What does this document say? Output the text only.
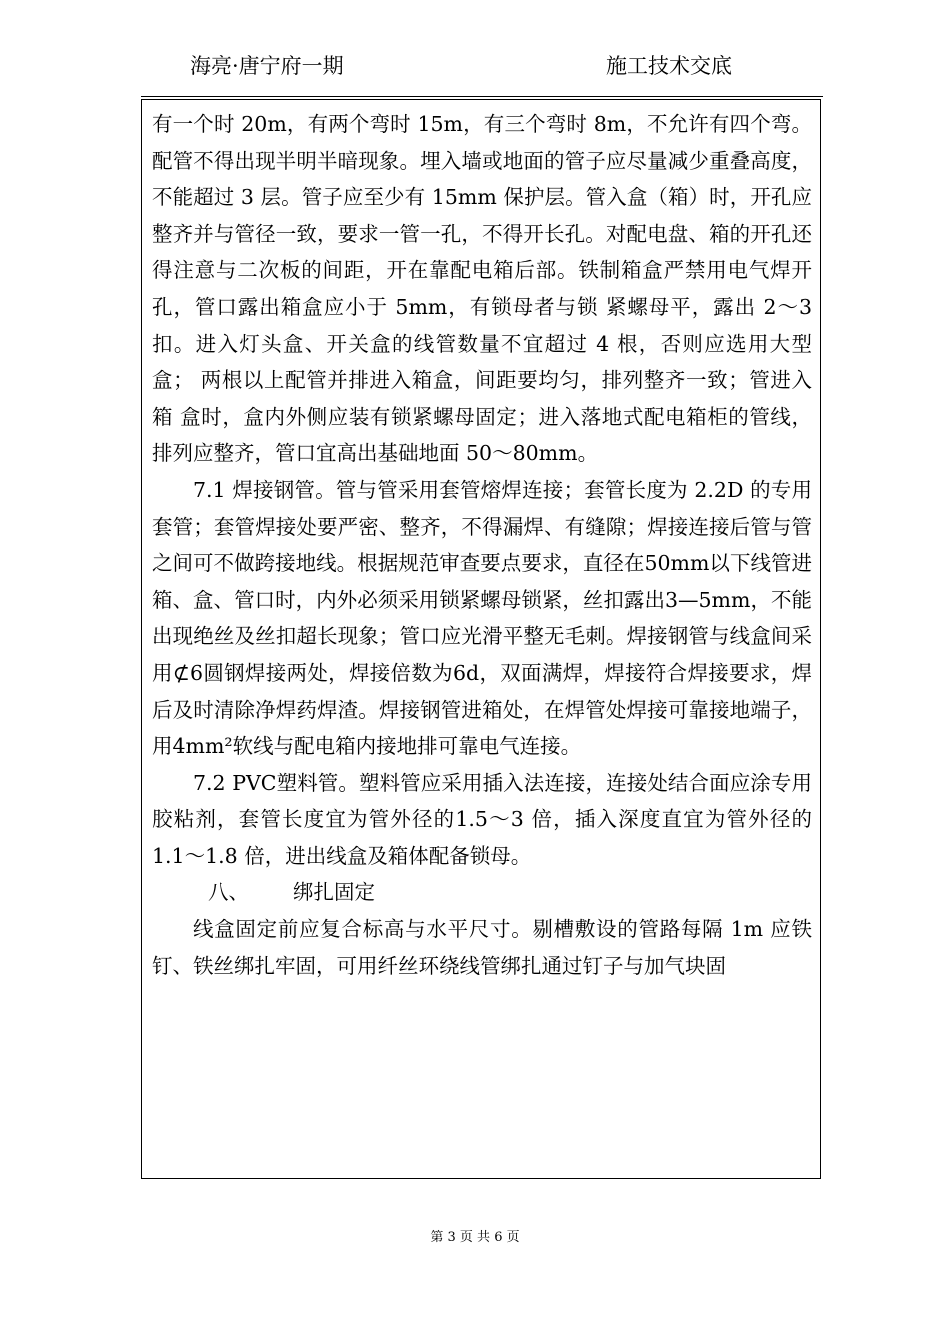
海亮·唐宁府一期	施工技术交底

有一个时 20m，有两个弯时 15m，有三个弯时 8m，不允许有四个弯。配管不得出现半明半暗现象。埋入墙或地面的管子应尽量减少重叠高度，不能超过 3 层。管子应至少有 15mm 保护层。管入盒（箱）时，开孔应整齐并与管径一致，要求一管一孔，不得开长孔。对配电盘、箱的开孔还得注意与二次板的间距，开在靠配电箱后部。铁制箱盒严禁用电气焊开孔，管口露出箱盒应小于 5mm，有锁母者与锁 紧螺母平，露出 2～3 扣。进入灯头盒、开关盒的线管数量不宜超过 4 根，否则应选用大型盒； 两根以上配管并排进入箱盒，间距要均匀，排列整齐一致；管进入箱 盒时，盒内外侧应装有锁紧螺母固定；进入落地式配电箱柜的管线，排列应整齐，管口宜高出基础地面 50～80mm。

7.1 焊接钢管。管与管采用套管熔焊连接；套管长度为 2.2D 的专用套管；套管焊接处要严密、整齐，不得漏焊、有缝隙；焊接连接后管与管之间可不做跨接地线。根据规范审查要点要求，直径在50mm以下线管进箱、盒、管口时，内外必须采用锁紧螺母锁紧，丝扣露出3—5mm，不能出现绝丝及丝扣超长现象；管口应光滑平整无毛刺。焊接钢管与线盒间采用⊄6圆钢焊接两处，焊接倍数为6d，双面满焊，焊接符合焊接要求，焊后及时清除净焊药焊渣。焊接钢管进箱处，在焊管处焊接可靠接地端子，用4mm²软线与配电箱内接地排可靠电气连接。

7.2 PVC塑料管。塑料管应采用插入法连接，连接处结合面应涂专用胶粘剂，套管长度宜为管外径的1.5～3 倍，插入深度直宜为管外径的 1.1～1.8 倍，进出线盒及箱体配备锁母。

八、 绑扎固定

线盒固定前应复合标高与水平尺寸。剔槽敷设的管路每隔 1m 应铁钉、铁丝绑扎牢固，可用纤丝环绕线管绑扎通过钉子与加气块固

第 3 页 共 6 页
